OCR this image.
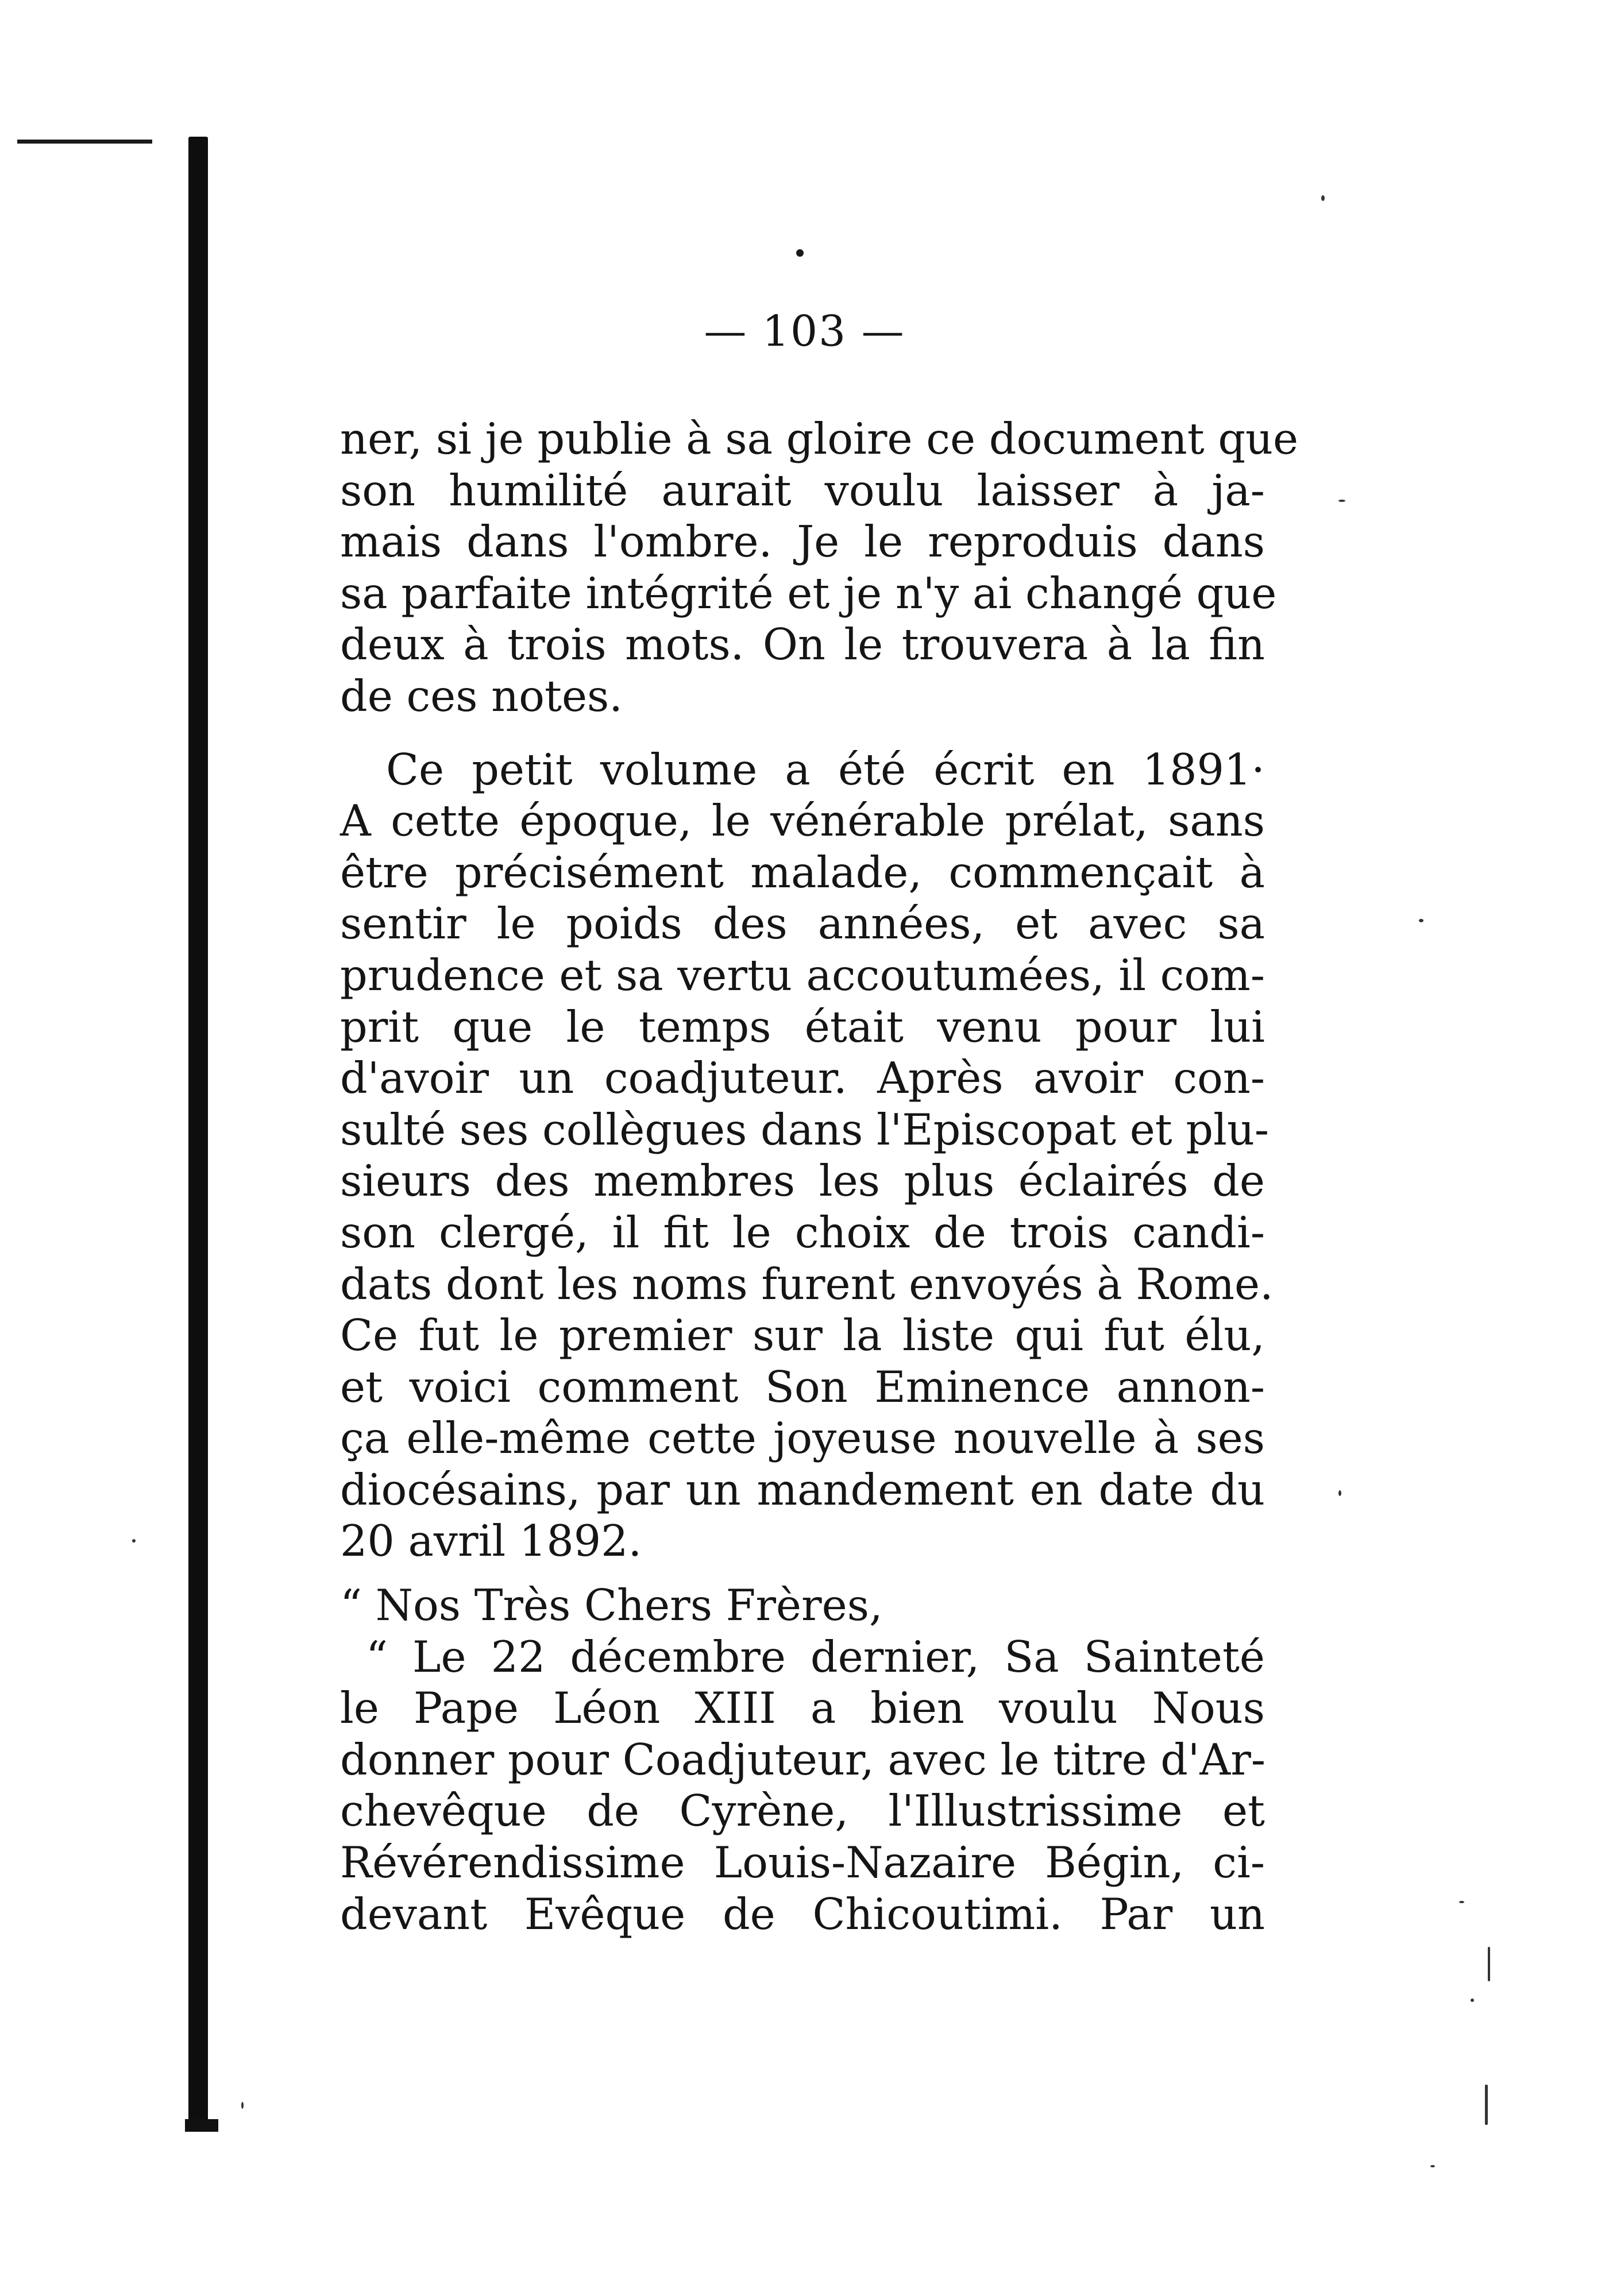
— 103 —
ner, si je publie à sa gloire ce document que
son humilité aurait voulu laisser à ja-
mais dans l'ombre. Je le reproduis dans
sa parfaite intégrité et je n'y ai changé que
deux à trois mots. On le trouvera à la fin
de ces notes.
Ce petit volume a été écrit en 1891·
A cette époque, le vénérable prélat, sans
être précisément malade, commençait à
sentir le poids des années, et avec sa
prudence et sa vertu accoutumées, il com-
prit que le temps était venu pour lui
d'avoir un coadjuteur. Après avoir con-
sulté ses collègues dans l'Episcopat et plu-
sieurs des membres les plus éclairés de
son clergé, il fit le choix de trois candi-
dats dont les noms furent envoyés à Rome.
Ce fut le premier sur la liste qui fut élu,
et voici comment Son Eminence annon-
ça elle-même cette joyeuse nouvelle à ses
diocésains, par un mandement en date du
20 avril 1892.
“ Nos Très Chers Frères,
“ Le 22 décembre dernier, Sa Sainteté
le Pape Léon XIII a bien voulu Nous
donner pour Coadjuteur, avec le titre d'Ar-
chevêque de Cyrène, l'Illustrissime et
Révérendissime Louis-Nazaire Bégin, ci-
devant Evêque de Chicoutimi. Par un
